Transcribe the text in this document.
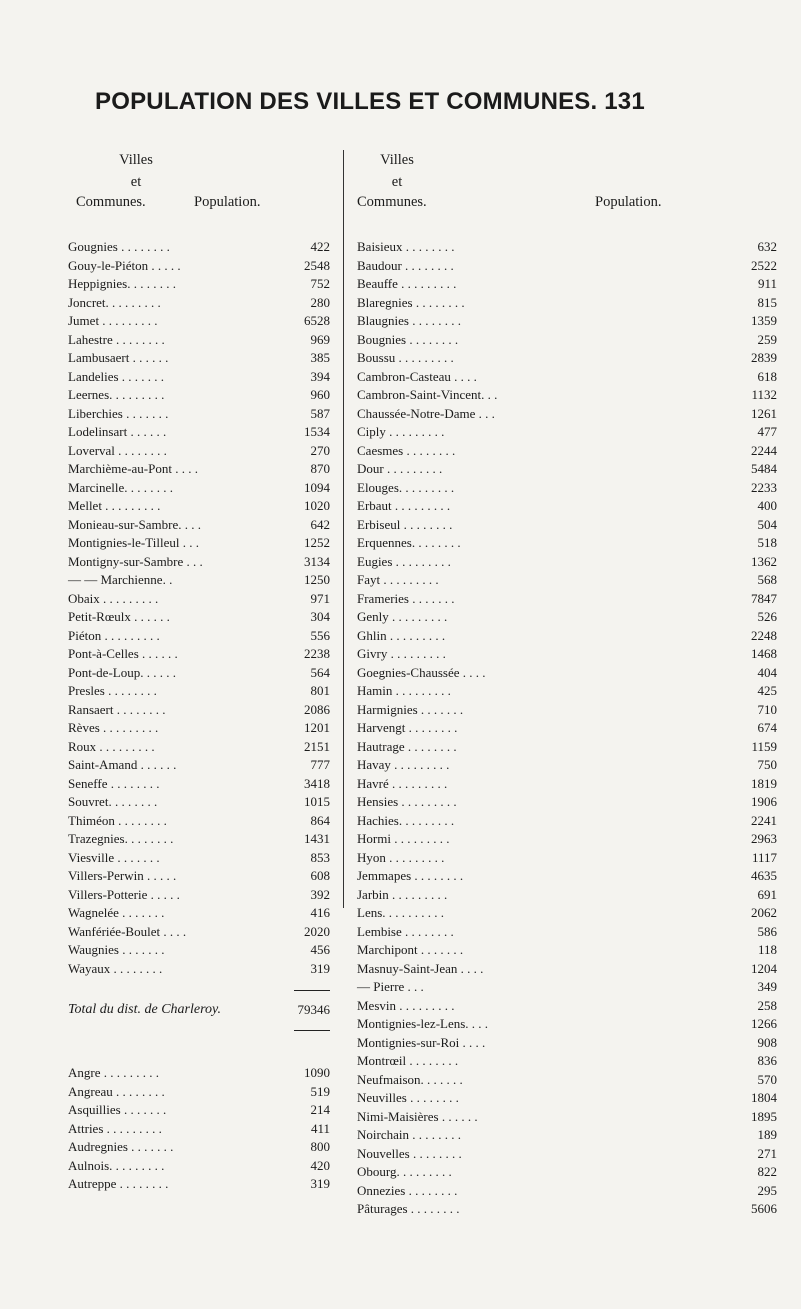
POPULATION DES VILLES ET COMMUNES. 131
Villes
et
Communes.	Population.
Gougnies . . . . . . . .	422
Gouy-le-Piéton . . . . .	2548
Heppignies. . . . . . . .	752
Joncret. . . . . . . . .	280
Jumet . . . . . . . . .	6528
Lahestre . . . . . . . .	969
Lambusaert . . . . . .	385
Landelies . . . . . . .	394
Leernes. . . . . . . . .	960
Liberchies . . . . . . .	587
Lodelinsart . . . . . .	1534
Loverval . . . . . . . .	270
Marchième-au-Pont . . . .	870
Marcinelle. . . . . . . .	1094
Mellet . . . . . . . . .	1020
Monieau-sur-Sambre. . . .	642
Montignies-le-Tilleul . . .	1252
Montigny-sur-Sambre . . .	3134
— — Marchienne. .	1250
Obaix . . . . . . . . .	971
Petit-Rœulx . . . . . .	304
Piéton . . . . . . . . .	556
Pont-à-Celles . . . . . .	2238
Pont-de-Loup. . . . . .	564
Presles . . . . . . . .	801
Ransaert . . . . . . . .	2086
Rèves . . . . . . . . .	1201
Roux . . . . . . . . .	2151
Saint-Amand . . . . . .	777
Seneffe . . . . . . . .	3418
Souvret. . . . . . . .	1015
Thiméon . . . . . . . .	864
Trazegnies. . . . . . . .	1431
Viesville . . . . . . .	853
Villers-Perwin . . . . .	608
Villers-Potterie . . . . .	392
Wagnelée . . . . . . .	416
Wanfériée-Boulet . . . .	2020
Waugnies . . . . . . .	456
Wayaux . . . . . . . .	319
Total du dist. de Charleroy.	79346
Angre . . . . . . . . .	1090
Angreau . . . . . . . .	519
Asquillies . . . . . . .	214
Attries . . . . . . . . .	411
Audregnies . . . . . . .	800
Aulnois. . . . . . . . .	420
Autreppe . . . . . . . .	319
Villes
et
Communes.	Population.
Baisieux . . . . . . . .	632
Baudour . . . . . . . .	2522
Beauffe . . . . . . . . .	911
Blaregnies . . . . . . . .	815
Blaugnies . . . . . . . .	1359
Bougnies . . . . . . . .	259
Boussu . . . . . . . . .	2839
Cambron-Casteau . . . .	618
Cambron-Saint-Vincent. . .	1132
Chaussée-Notre-Dame . . .	1261
Ciply . . . . . . . . .	477
Caesmes . . . . . . . .	2244
Dour . . . . . . . . .	5484
Elouges. . . . . . . . .	2233
Erbaut . . . . . . . . .	400
Erbiseul . . . . . . . .	504
Erquennes. . . . . . . .	518
Eugies . . . . . . . . .	1362
Fayt . . . . . . . . .	568
Frameries . . . . . . .	7847
Genly . . . . . . . . .	526
Ghlin . . . . . . . . .	2248
Givry . . . . . . . . .	1468
Goegnies-Chaussée . . . .	404
Hamin . . . . . . . . .	425
Harmignies . . . . . . .	710
Harvengt . . . . . . . .	674
Hautrage . . . . . . . .	1159
Havay . . . . . . . . .	750
Havré . . . . . . . . .	1819
Hensies . . . . . . . . .	1906
Hachies. . . . . . . . .	2241
Hormi . . . . . . . . .	2963
Hyon . . . . . . . . .	1117
Jemmapes . . . . . . . .	4635
Jarbin . . . . . . . . .	691
Lens. . . . . . . . . .	2062
Lembise . . . . . . . .	586
Marchipont . . . . . . .	118
Masnuy-Saint-Jean . . . .	1204
— Pierre . . .	349
Mesvin . . . . . . . . .	258
Montignies-lez-Lens. . . .	1266
Montignies-sur-Roi . . . .	908
Montrœil . . . . . . . .	836
Neufmaison. . . . . . .	570
Neuvilles . . . . . . . .	1804
Nimi-Maisières . . . . . .	1895
Noirchain . . . . . . . .	189
Nouvelles . . . . . . . .	271
Obourg. . . . . . . . .	822
Onnezies . . . . . . . .	295
Pâturages . . . . . . . .	5606
